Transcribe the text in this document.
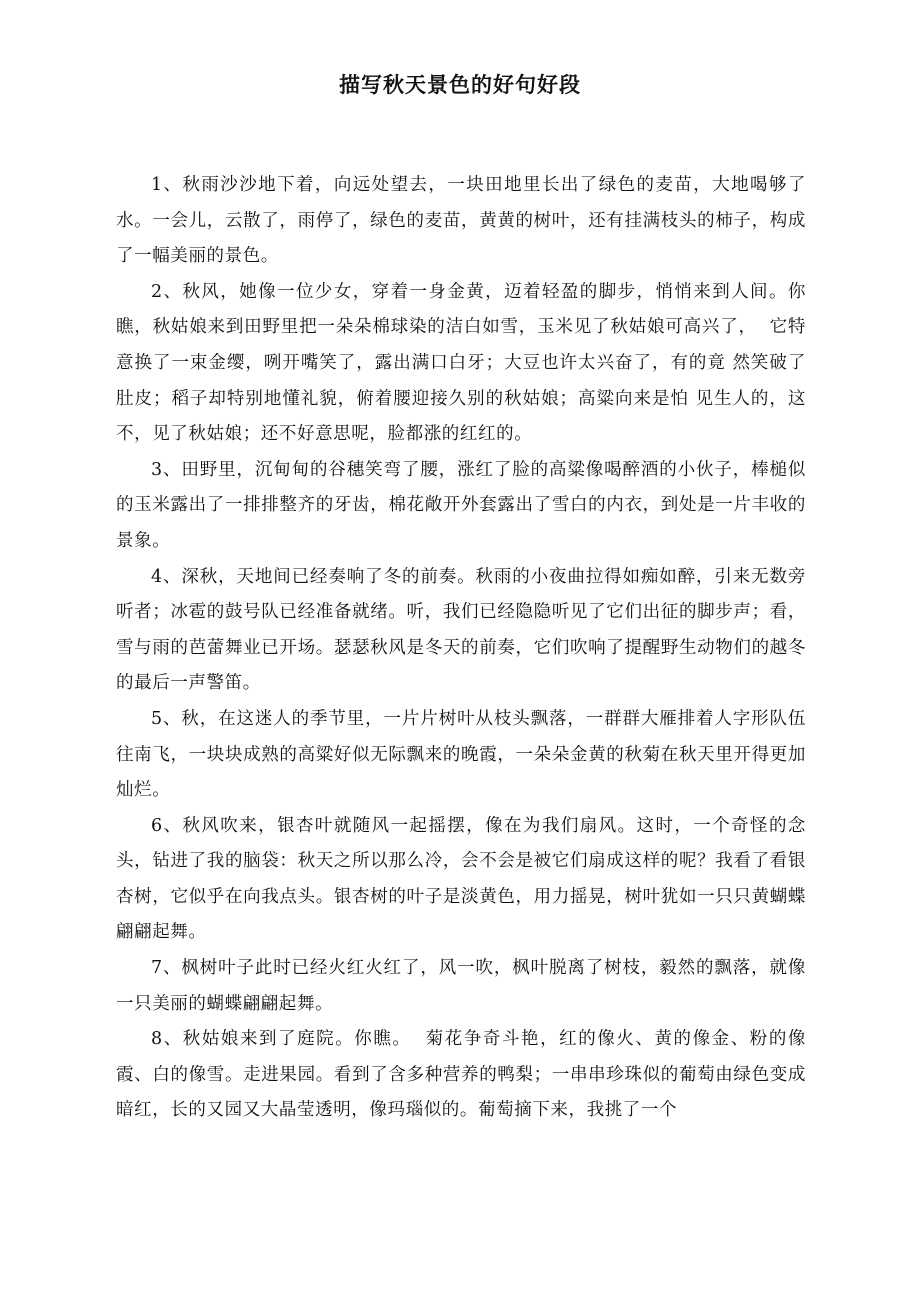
描写秋天景色的好句好段

1、秋雨沙沙地下着，向远处望去，一块田地里长出了绿色的麦苗，大地喝够了水。一会儿，云散了，雨停了，绿色的麦苗，黄黄的树叶，还有挂满枝头的柿子，构成了一幅美丽的景色。

2、秋风，她像一位少女，穿着一身金黄，迈着轻盈的脚步，悄悄来到人间。你瞧，秋姑娘来到田野里把一朵朵棉球染的洁白如雪，玉米见了秋姑娘可高兴了，  它特意换了一束金缨，咧开嘴笑了，露出满口白牙；大豆也许太兴奋了，有的竟 然笑破了肚皮；稻子却特别地懂礼貌，俯着腰迎接久别的秋姑娘；高粱向来是怕 见生人的，这不，见了秋姑娘；还不好意思呢，脸都涨的红红的。

3、田野里，沉甸甸的谷穗笑弯了腰，涨红了脸的高粱像喝醉酒的小伙子，棒槌似的玉米露出了一排排整齐的牙齿，棉花敞开外套露出了雪白的内衣，到处是一片丰收的景象。

4、深秋，天地间已经奏响了冬的前奏。秋雨的小夜曲拉得如痴如醉，引来无数旁听者；冰雹的鼓号队已经准备就绪。听，我们已经隐隐听见了它们出征的脚步声；看，雪与雨的芭蕾舞业已开场。瑟瑟秋风是冬天的前奏，它们吹响了提醒野生动物们的越冬的最后一声警笛。

5、秋，在这迷人的季节里，一片片树叶从枝头飘落，一群群大雁排着人字形队伍往南飞，一块块成熟的高粱好似无际飘来的晚霞，一朵朵金黄的秋菊在秋天里开得更加灿烂。

6、秋风吹来，银杏叶就随风一起摇摆，像在为我们扇风。这时，一个奇怪的念头，钻进了我的脑袋：秋天之所以那么冷，会不会是被它们扇成这样的呢？我看了看银杏树，它似乎在向我点头。银杏树的叶子是淡黄色，用力摇晃，树叶犹如一只只黄蝴蝶翩翩起舞。

7、枫树叶子此时已经火红火红了，风一吹，枫叶脱离了树枝，毅然的飘落，就像一只美丽的蝴蝶翩翩起舞。

8、秋姑娘来到了庭院。你瞧。  菊花争奇斗艳，红的像火、黄的像金、粉的像霞、白的像雪。走进果园。看到了含多种营养的鸭梨；一串串珍珠似的葡萄由绿色变成暗红，长的又园又大晶莹透明，像玛瑙似的。葡萄摘下来，我挑了一个
